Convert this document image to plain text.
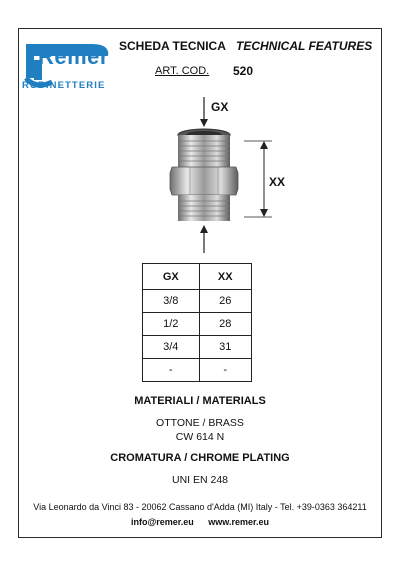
Remer
RUBINETTERIE
SCHEDA TECNICA TECHNICAL FEATURES
ART. COD. 520
GX
XX
GX	XX
3/8	26
1/2	28
3/4	31
-	-
MATERIALI / MATERIALS
OTTONE / BRASS
CW 614 N
CROMATURA / CHROME PLATING
UNI EN 248
Via Leonardo da Vinci 83 - 20062 Cassano d'Adda (MI) Italy - Tel. +39-0363 364211
info@remer.eu www.remer.eu
